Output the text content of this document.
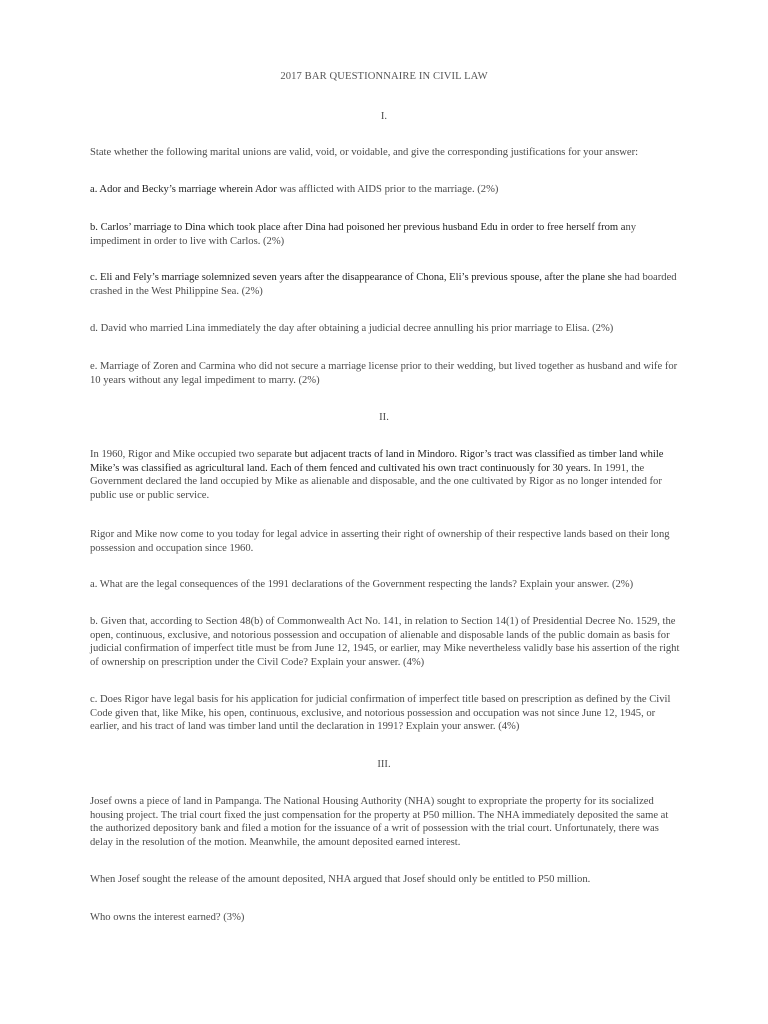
2017 BAR QUESTIONNAIRE IN CIVIL LAW

I.

State whether the following marital unions are valid, void, or voidable, and give the corresponding justifications for your answer:

a. Ador and Becky’s marriage wherein Ador was afflicted with AIDS prior to the marriage. (2%)

b. Carlos’ marriage to Dina which took place after Dina had poisoned her previous husband Edu in order to free herself from any impediment in order to live with Carlos. (2%)

c. Eli and Fely’s marriage solemnized seven years after the disappearance of Chona, Eli’s previous spouse, after the plane she had boarded crashed in the West Philippine Sea. (2%)

d. David who married Lina immediately the day after obtaining a judicial decree annulling his prior marriage to Elisa. (2%)

e. Marriage of Zoren and Carmina who did not secure a marriage license prior to their wedding, but lived together as husband and wife for 10 years without any legal impediment to marry. (2%)

II.

In 1960, Rigor and Mike occupied two separate but adjacent tracts of land in Mindoro. Rigor’s tract was classified as timber land while Mike’s was classified as agricultural land. Each of them fenced and cultivated his own tract continuously for 30 years. In 1991, the Government declared the land occupied by Mike as alienable and disposable, and the one cultivated by Rigor as no longer intended for public use or public service.

Rigor and Mike now come to you today for legal advice in asserting their right of ownership of their respective lands based on their long possession and occupation since 1960.

a. What are the legal consequences of the 1991 declarations of the Government respecting the lands? Explain your answer. (2%)

b. Given that, according to Section 48(b) of Commonwealth Act No. 141, in relation to Section 14(1) of Presidential Decree No. 1529, the open, continuous, exclusive, and notorious possession and occupation of alienable and disposable lands of the public domain as basis for judicial confirmation of imperfect title must be from June 12, 1945, or earlier, may Mike nevertheless validly base his assertion of the right of ownership on prescription under the Civil Code? Explain your answer. (4%)

c. Does Rigor have legal basis for his application for judicial confirmation of imperfect title based on prescription as defined by the Civil Code given that, like Mike, his open, continuous, exclusive, and notorious possession and occupation was not since June 12, 1945, or earlier, and his tract of land was timber land until the declaration in 1991? Explain your answer. (4%)

III.

Josef owns a piece of land in Pampanga. The National Housing Authority (NHA) sought to expropriate the property for its socialized housing project. The trial court fixed the just compensation for the property at P50 million. The NHA immediately deposited the same at the authorized depository bank and filed a motion for the issuance of a writ of possession with the trial court. Unfortunately, there was delay in the resolution of the motion. Meanwhile, the amount deposited earned interest.

When Josef sought the release of the amount deposited, NHA argued that Josef should only be entitled to P50 million.

Who owns the interest earned? (3%)
